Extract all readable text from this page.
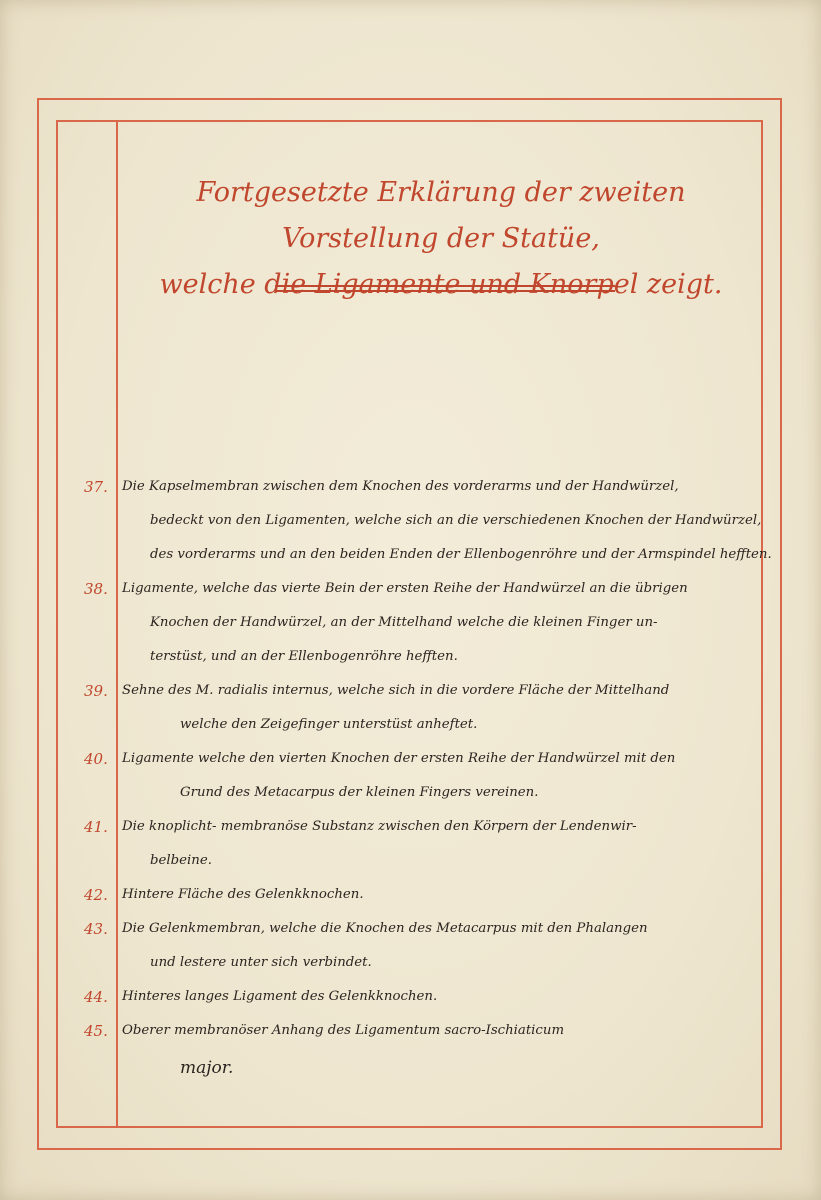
Fortgesetzte Erklärung der zweiten Vorstellung der Statüe,
welche die Ligamente und Knorpel zeigt.
37.	Die Kapselmembran zwischen dem Knochen des vorderarms und der Handwürzel,
bedeckt von den Ligamenten, welche sich an die verschiedenen Knochen der Handwürzel,
des vorderarms und an den beiden Enden der Ellenbogenröhre und der Armspindel hefften.
38.	Ligamente, welche das vierte Bein der ersten Reihe der Handwürzel an die übrigen
Knochen der Handwürzel, an der Mittelhand welche die kleinen Finger un-
terstüst, und an der Ellenbogenröhre hefften.
39.	Sehne des M. radialis internus, welche sich in die vordere Fläche der Mittelhand
welche den Zeigefinger unterstüst anheftet.
40.	Ligamente welche den vierten Knochen der ersten Reihe der Handwürzel mit den
Grund des Metacarpus der kleinen Fingers vereinen.
41.	Die knoplicht- membranöse Substanz zwischen den Körpern der Lendenwir-
belbeine.
42.	Hintere Fläche des Gelenkknochen.
43.	Die Gelenkmembran, welche die Knochen des Metacarpus mit den Phalangen
und lestere unter sich verbindet.
44.	Hinteres langes Ligament des Gelenkknochen.
45.	Oberer membranöser Anhang des Ligamentum sacro-Ischiaticum
major.
